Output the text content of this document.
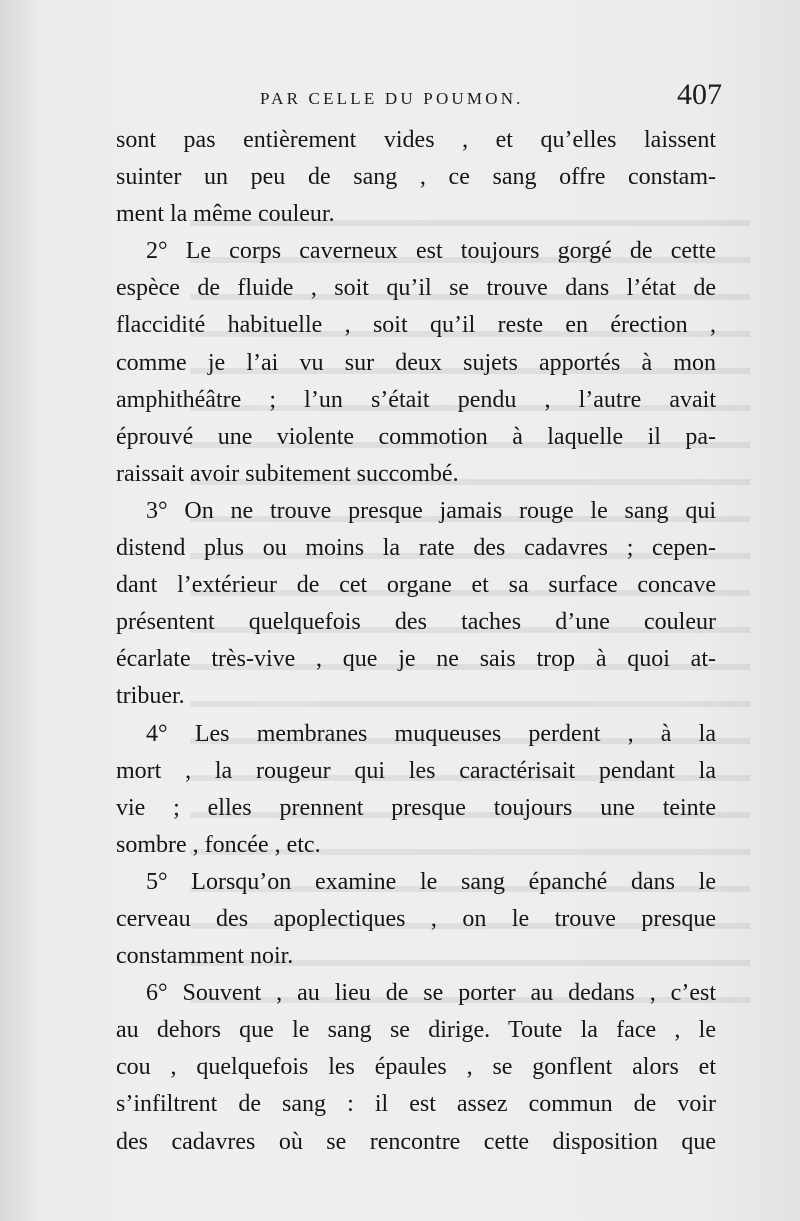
PAR CELLE DU POUMON.	407
sont pas entièrement vides , et qu’elles laissent
suinter un peu de sang , ce sang offre constam-
ment la même couleur.
2° Le corps caverneux est toujours gorgé de cette
espèce de fluide , soit qu’il se trouve dans l’état de
flaccidité habituelle , soit qu’il reste en érection ,
comme je l’ai vu sur deux sujets apportés à mon
amphithéâtre ; l’un s’était pendu , l’autre avait
éprouvé une violente commotion à laquelle il pa-
raissait avoir subitement succombé.
3° On ne trouve presque jamais rouge le sang qui
distend plus ou moins la rate des cadavres ; cepen-
dant l’extérieur de cet organe et sa surface concave
présentent quelquefois des taches d’une couleur
écarlate très-vive , que je ne sais trop à quoi at-
tribuer.
4° Les membranes muqueuses perdent , à la
mort , la rougeur qui les caractérisait pendant la
vie ; elles prennent presque toujours une teinte
sombre , foncée , etc.
5° Lorsqu’on examine le sang épanché dans le
cerveau des apoplectiques , on le trouve presque
constamment noir.
6° Souvent , au lieu de se porter au dedans , c’est
au dehors que le sang se dirige. Toute la face , le
cou , quelquefois les épaules , se gonflent alors et
s’infiltrent de sang : il est assez commun de voir
des cadavres où se rencontre cette disposition que
